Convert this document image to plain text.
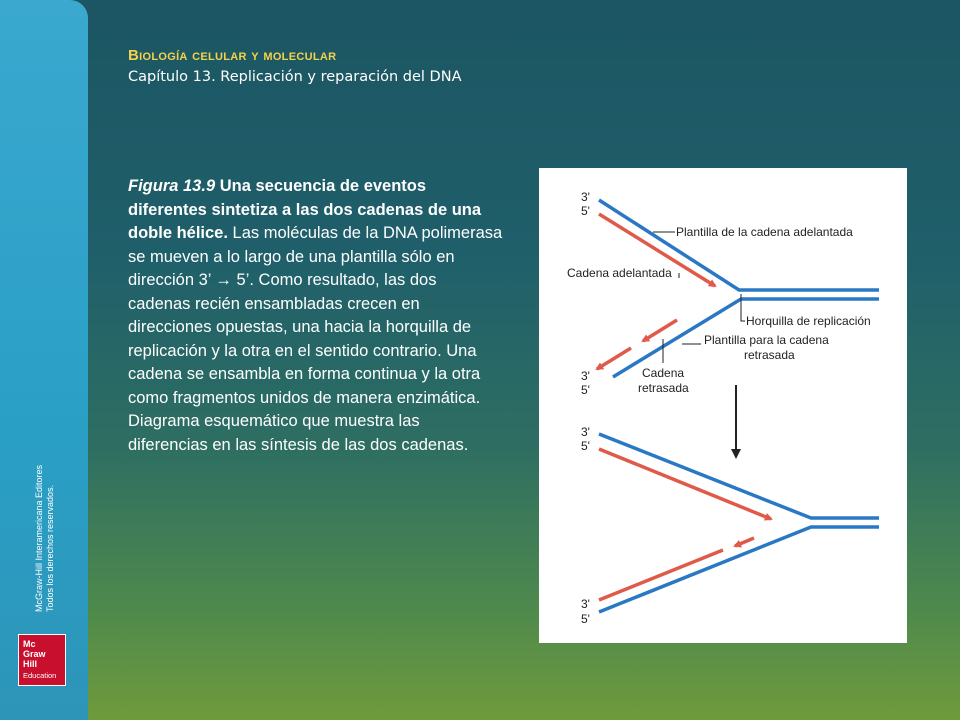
McGraw-Hill Interamericana Editores Todos los derechos reservados.
Mc
Graw
Hill
Education
Biología celular y molecular
Capítulo 13. Replicación y reparación del DNA
Figura 13.9 Una secuencia de eventos diferentes sintetiza a las dos cadenas de una doble hélice. Las moléculas de la DNA polimerasa se mueven a lo largo de una plantilla sólo en dirección 3’ → 5’. Como resultado, las dos cadenas recién ensambladas crecen en direcciones opuestas, una hacia la horquilla de replicación y la otra en el sentido contrario. Una cadena se ensambla en forma continua y la otra como fragmentos unidos de manera enzimática. Diagrama esquemático que muestra las diferencias en las síntesis de las dos cadenas.
3'
5'
3'
5'
Plantilla de la cadena adelantada
Cadena adelantada
Horquilla de replicación
Plantilla para la cadena
retrasada
Cadena
retrasada
3'
5'
3'
5'
